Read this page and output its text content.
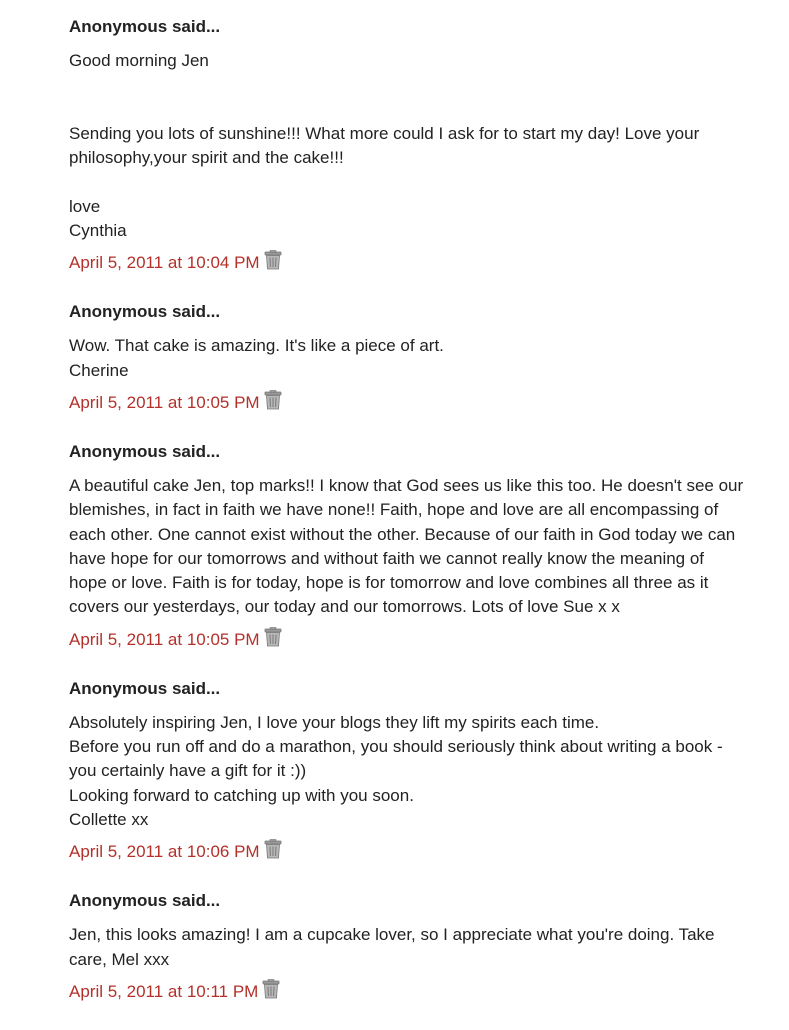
Anonymous said...
Good morning Jen
Sending you lots of sunshine!!! What more could I ask for to start my day! Love your
philosophy,your spirit and the cake!!!
love
Cynthia
April 5, 2011 at 10:04 PM
Anonymous said...
Wow. That cake is amazing. It's like a piece of art.
Cherine
April 5, 2011 at 10:05 PM
Anonymous said...
A beautiful cake Jen, top marks!! I know that God sees us like this too. He doesn't see our
blemishes, in fact in faith we have none!! Faith, hope and love are all encompassing of
each other. One cannot exist without the other. Because of our faith in God today we can
have hope for our tomorrows and without faith we cannot really know the meaning of
hope or love. Faith is for today, hope is for tomorrow and love combines all three as it
covers our yesterdays, our today and our tomorrows. Lots of love Sue x x
April 5, 2011 at 10:05 PM
Anonymous said...
Absolutely inspiring Jen, I love your blogs they lift my spirits each time.
Before you run off and do a marathon, you should seriously think about writing a book -
you certainly have a gift for it :))
Looking forward to catching up with you soon.
Collette xx
April 5, 2011 at 10:06 PM
Anonymous said...
Jen, this looks amazing! I am a cupcake lover, so I appreciate what you're doing. Take
care, Mel xxx
April 5, 2011 at 10:11 PM
